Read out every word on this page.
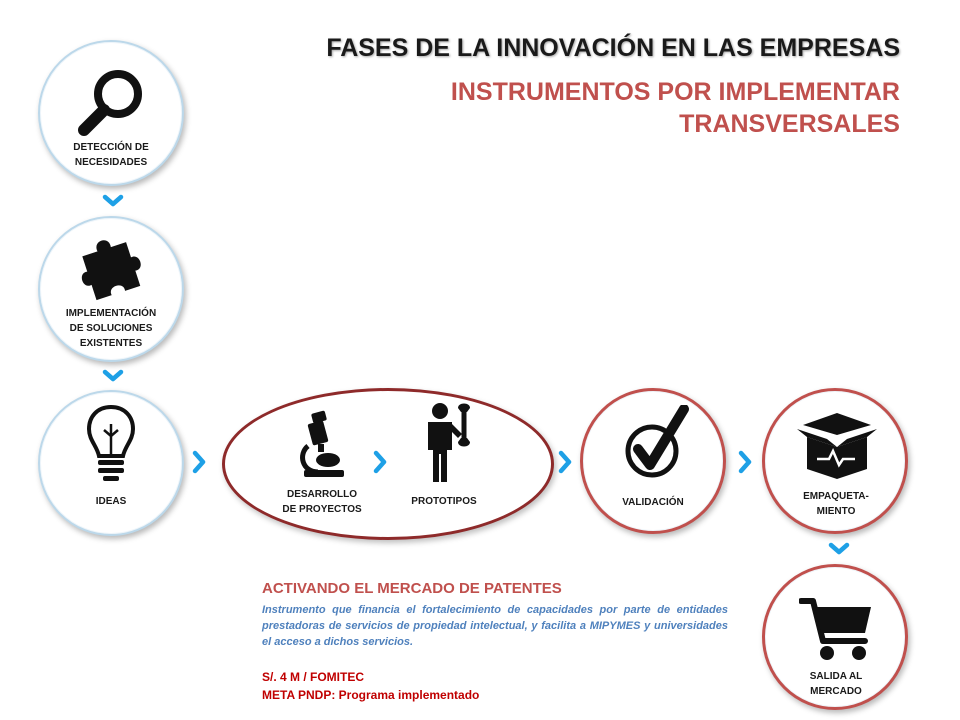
FASES DE LA INNOVACIÓN EN LAS EMPRESAS
INSTRUMENTOS POR IMPLEMENTAR
TRANSVERSALES
DETECCIÓN DE
NECESIDADES
IMPLEMENTACIÓN
DE SOLUCIONES
EXISTENTES
IDEAS
DESARROLLO
DE PROYECTOS
PROTOTIPOS	VALIDACIÓN
EMPAQUETA-
MIENTO
SALIDA AL
MERCADO
ACTIVANDO EL MERCADO DE PATENTES
Instrumento que financia el fortalecimiento de capacidades por parte de entidades prestadoras de servicios de propiedad intelectual, y facilita a MIPYMES y universidades el acceso a dichos servicios.
S/. 4 M / FOMITEC
META PNDP: Programa implementado
